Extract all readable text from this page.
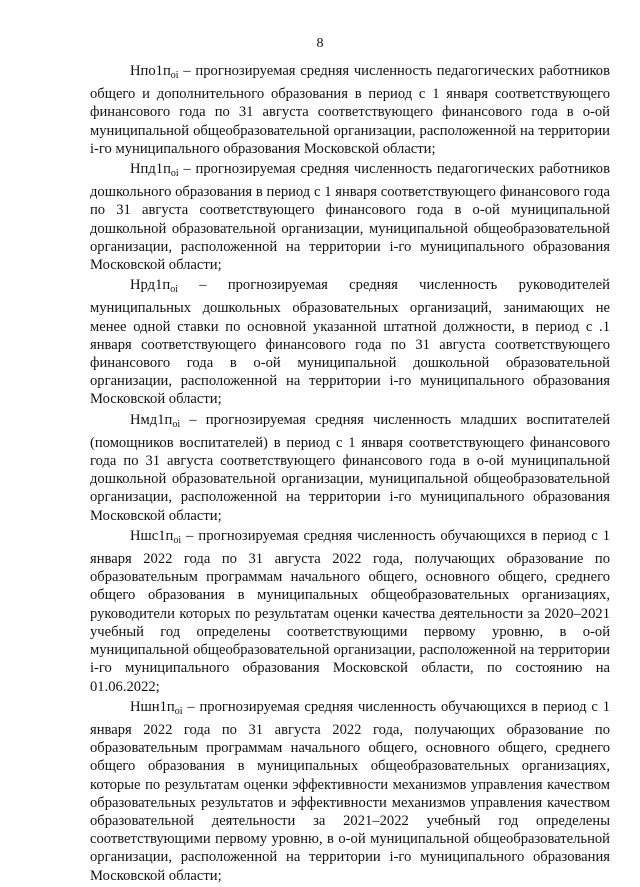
8

$Нпо1п_{oi}$ – прогнозируемая средняя численность педагогических работников общего и дополнительного образования в период с 1 января соответствующего финансового года по 31 августа соответствующего финансового года в o-ой муниципальной общеобразовательной организации, расположенной на территории i-го муниципального образования Московской области;

$Нпд1п_{oi}$ – прогнозируемая средняя численность педагогических работников дошкольного образования в период с 1 января соответствующего финансового года по 31 августа соответствующего финансового года в o-ой муниципальной дошкольной образовательной организации, муниципальной общеобразовательной организации, расположенной на территории i-го муниципального образования Московской области;

$Нрд1п_{oi}$ – прогнозируемая средняя численность руководителей муниципальных дошкольных образовательных организаций, занимающих не менее одной ставки по основной указанной штатной должности, в период с .1 января соответствующего финансового года по 31 августа соответствующего финансового года в o-ой муниципальной дошкольной образовательной организации, расположенной на территории i-го муниципального образования Московской области;

$Нмд1п_{oi}$ – прогнозируемая средняя численность младших воспитателей (помощников воспитателей) в период с 1 января соответствующего финансового года по 31 августа соответствующего финансового года в o-ой муниципальной дошкольной образовательной организации, муниципальной общеобразовательной организации, расположенной на территории i-го муниципального образования Московской области;

$Ншс1п_{oi}$ – прогнозируемая средняя численность обучающихся в период с 1 января 2022 года по 31 августа 2022 года, получающих образование по образовательным программам начального общего, основного общего, среднего общего образования в муниципальных общеобразовательных организациях, руководители которых по результатам оценки качества деятельности за 2020–2021 учебный год определены соответствующими первому уровню, в o-ой муниципальной общеобразовательной организации, расположенной на территории i-го муниципального образования Московской области, по состоянию на 01.06.2022;

$Ншн1п_{oi}$ – прогнозируемая средняя численность обучающихся в период с 1 января 2022 года по 31 августа 2022 года, получающих образование по образовательным программам начального общего, основного общего, среднего общего образования в муниципальных общеобразовательных организациях, которые по результатам оценки эффективности механизмов управления качеством образовательных результатов и эффективности механизмов управления качеством образовательной деятельности за 2021–2022 учебный год определены соответствующими первому уровню, в o-ой муниципальной общеобразовательной организации, расположенной на территории i-го муниципального образования Московской области;
